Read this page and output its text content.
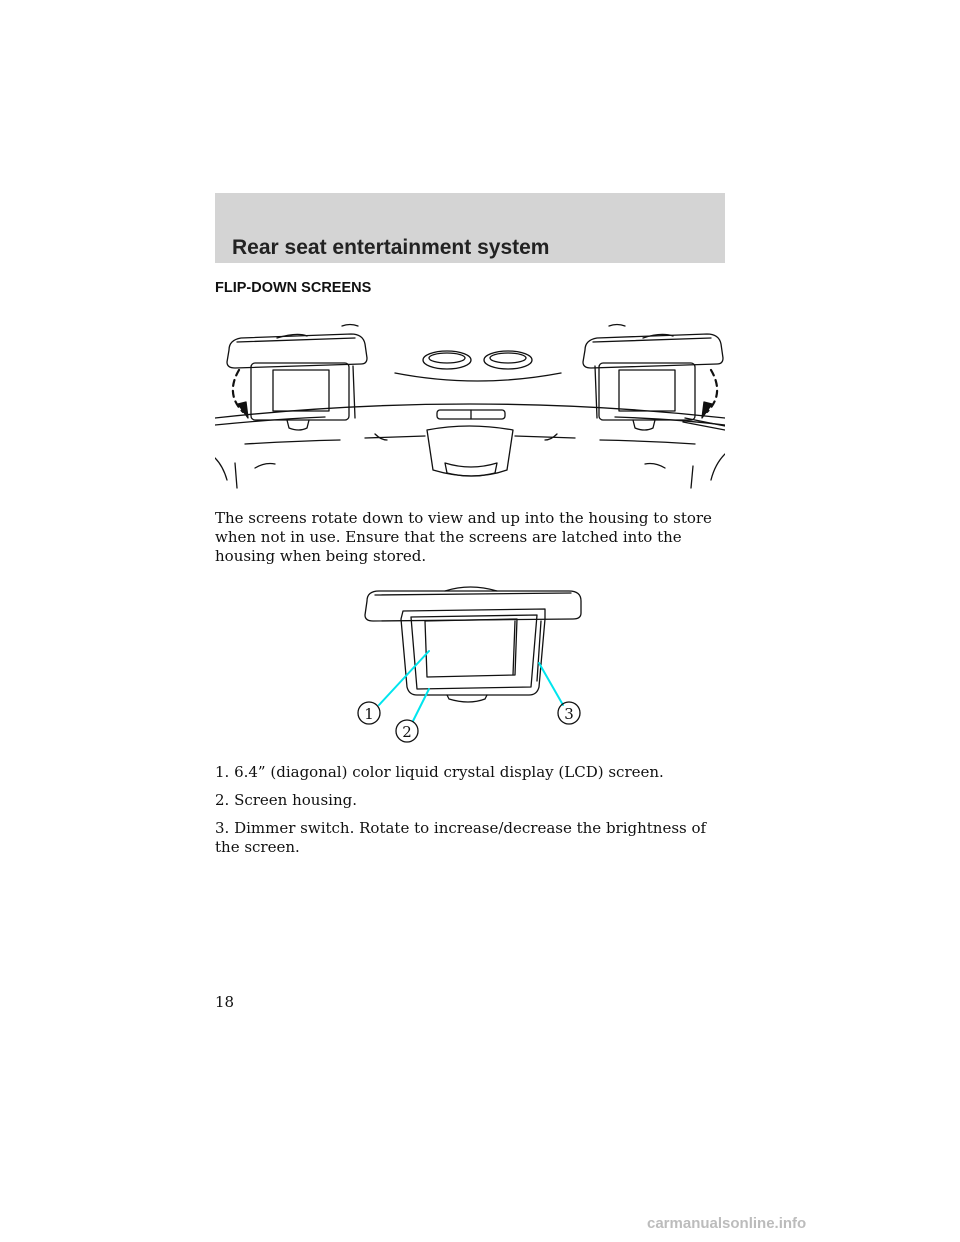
Rear seat entertainment system
FLIP-DOWN SCREENS

The screens rotate down to view and up into the housing to store when not in use. Ensure that the screens are latched into the housing when being stored.

1
2
3
1. 6.4” (diagonal) color liquid crystal display (LCD) screen.
2. Screen housing.
3. Dimmer switch. Rotate to increase/decrease the brightness of the screen.
18
carmanualsonline.info
